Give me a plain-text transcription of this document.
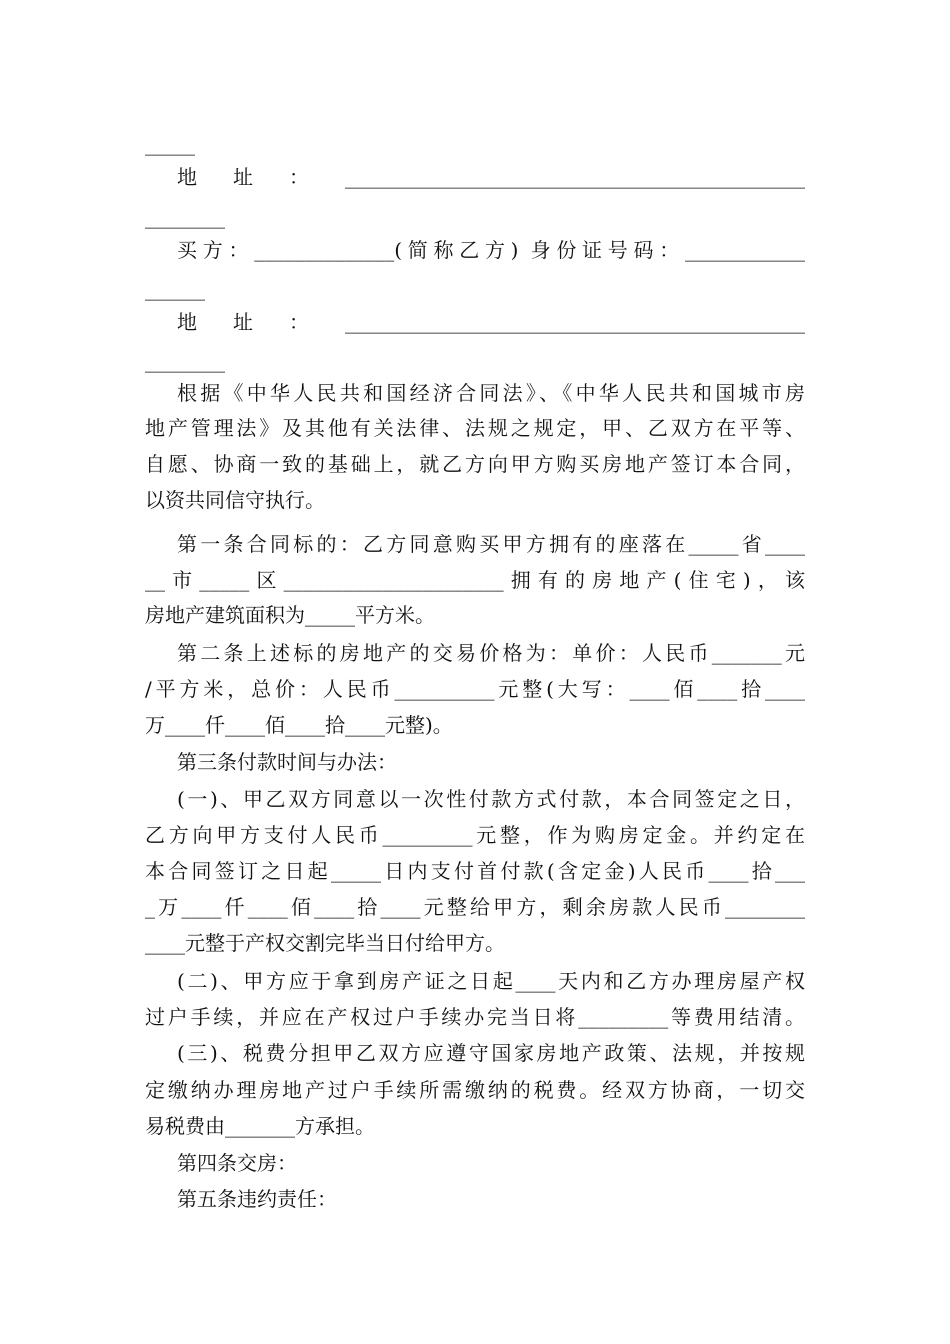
_____
地址：______________________________________________
________
买方：______________(简称乙方) 身份证号码：____________
______
地址：______________________________________________
________
根据《中华人民共和国经济合同法》、《中华人民共和国城市房
地产管理法》及其他有关法律、法规之规定，甲、乙双方在平等、
自愿、协商一致的基础上，就乙方向甲方购买房地产签订本合同，
以资共同信守执行。
第一条合同标的：乙方同意购买甲方拥有的座落在_____省____
__市_____区______________________拥有的房地产(住宅)，该
房地产建筑面积为_____平方米。
第二条上述标的房地产的交易价格为：单价：人民币_______元
/平方米，总价：人民币__________元整(大写：____佰____拾____
万____仟____佰____拾____元整)。
第三条付款时间与办法：
(一)、甲乙双方同意以一次性付款方式付款，本合同签定之日，
乙方向甲方支付人民币_________元整，作为购房定金。并约定在
本合同签订之日起_____日内支付首付款(含定金)人民币____拾___
_万____仟____佰____拾____元整给甲方，剩余房款人民币________
____元整于产权交割完毕当日付给甲方。
(二)、甲方应于拿到房产证之日起____天内和乙方办理房屋产权
过户手续，并应在产权过户手续办完当日将_________等费用结清。
(三)、税费分担甲乙双方应遵守国家房地产政策、法规，并按规
定缴纳办理房地产过户手续所需缴纳的税费。经双方协商，一切交
易税费由_______方承担。
第四条交房：
第五条违约责任：
